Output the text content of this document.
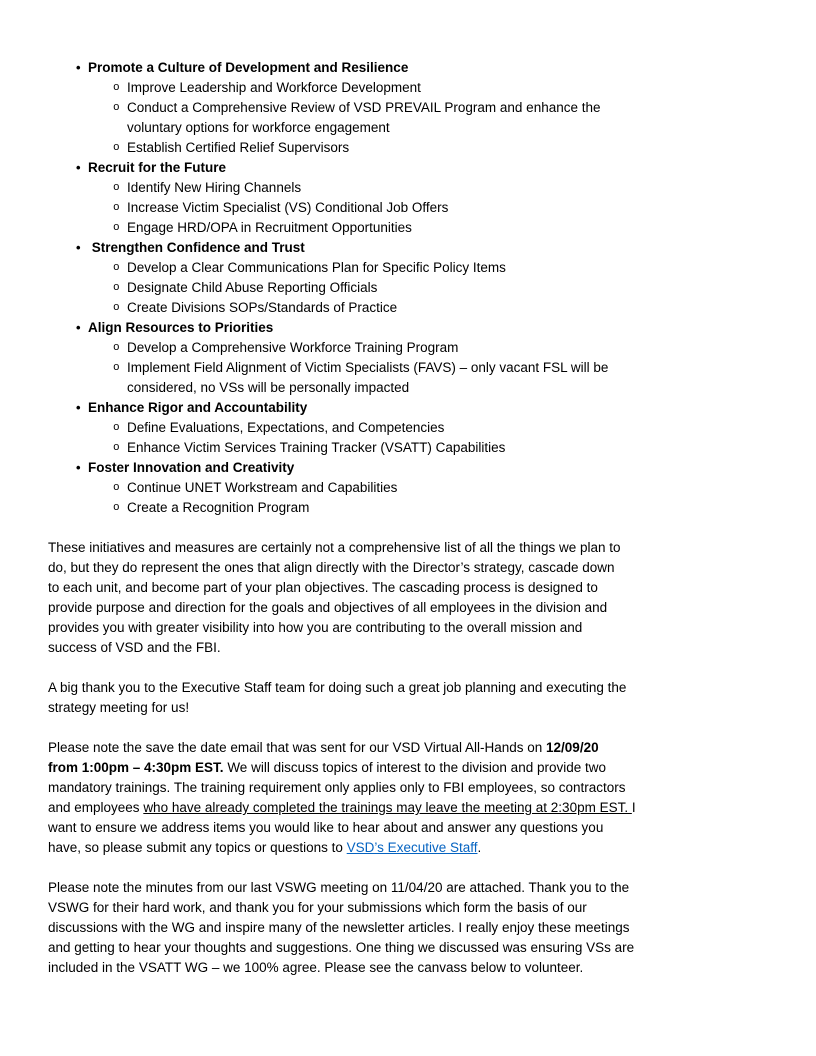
• Promote a Culture of Development and Resilience
o Improve Leadership and Workforce Development
o Conduct a Comprehensive Review of VSD PREVAIL Program and enhance the
voluntary options for workforce engagement
o Establish Certified Relief Supervisors
• Recruit for the Future
o Identify New Hiring Channels
o Increase Victim Specialist (VS) Conditional Job Offers
o Engage HRD/OPA in Recruitment Opportunities
• Strengthen Confidence and Trust
o Develop a Clear Communications Plan for Specific Policy Items
o Designate Child Abuse Reporting Officials
o Create Divisions SOPs/Standards of Practice
• Align Resources to Priorities
o Develop a Comprehensive Workforce Training Program
o Implement Field Alignment of Victim Specialists (FAVS) – only vacant FSL will be
considered, no VSs will be personally impacted
• Enhance Rigor and Accountability
o Define Evaluations, Expectations, and Competencies
o Enhance Victim Services Training Tracker (VSATT) Capabilities
• Foster Innovation and Creativity
o Continue UNET Workstream and Capabilities
o Create a Recognition Program

These initiatives and measures are certainly not a comprehensive list of all the things we plan to
do, but they do represent the ones that align directly with the Director’s strategy, cascade down
to each unit, and become part of your plan objectives. The cascading process is designed to
provide purpose and direction for the goals and objectives of all employees in the division and
provides you with greater visibility into how you are contributing to the overall mission and
success of VSD and the FBI.

A big thank you to the Executive Staff team for doing such a great job planning and executing the
strategy meeting for us!

Please note the save the date email that was sent for our VSD Virtual All-Hands on 12/09/20
from 1:00pm – 4:30pm EST. We will discuss topics of interest to the division and provide two
mandatory trainings. The training requirement only applies only to FBI employees, so contractors
and employees who have already completed the trainings may leave the meeting at 2:30pm EST. I
want to ensure we address items you would like to hear about and answer any questions you
have, so please submit any topics or questions to VSD’s Executive Staff.

Please note the minutes from our last VSWG meeting on 11/04/20 are attached. Thank you to the
VSWG for their hard work, and thank you for your submissions which form the basis of our
discussions with the WG and inspire many of the newsletter articles. I really enjoy these meetings
and getting to hear your thoughts and suggestions. One thing we discussed was ensuring VSs are
included in the VSATT WG – we 100% agree. Please see the canvass below to volunteer.
